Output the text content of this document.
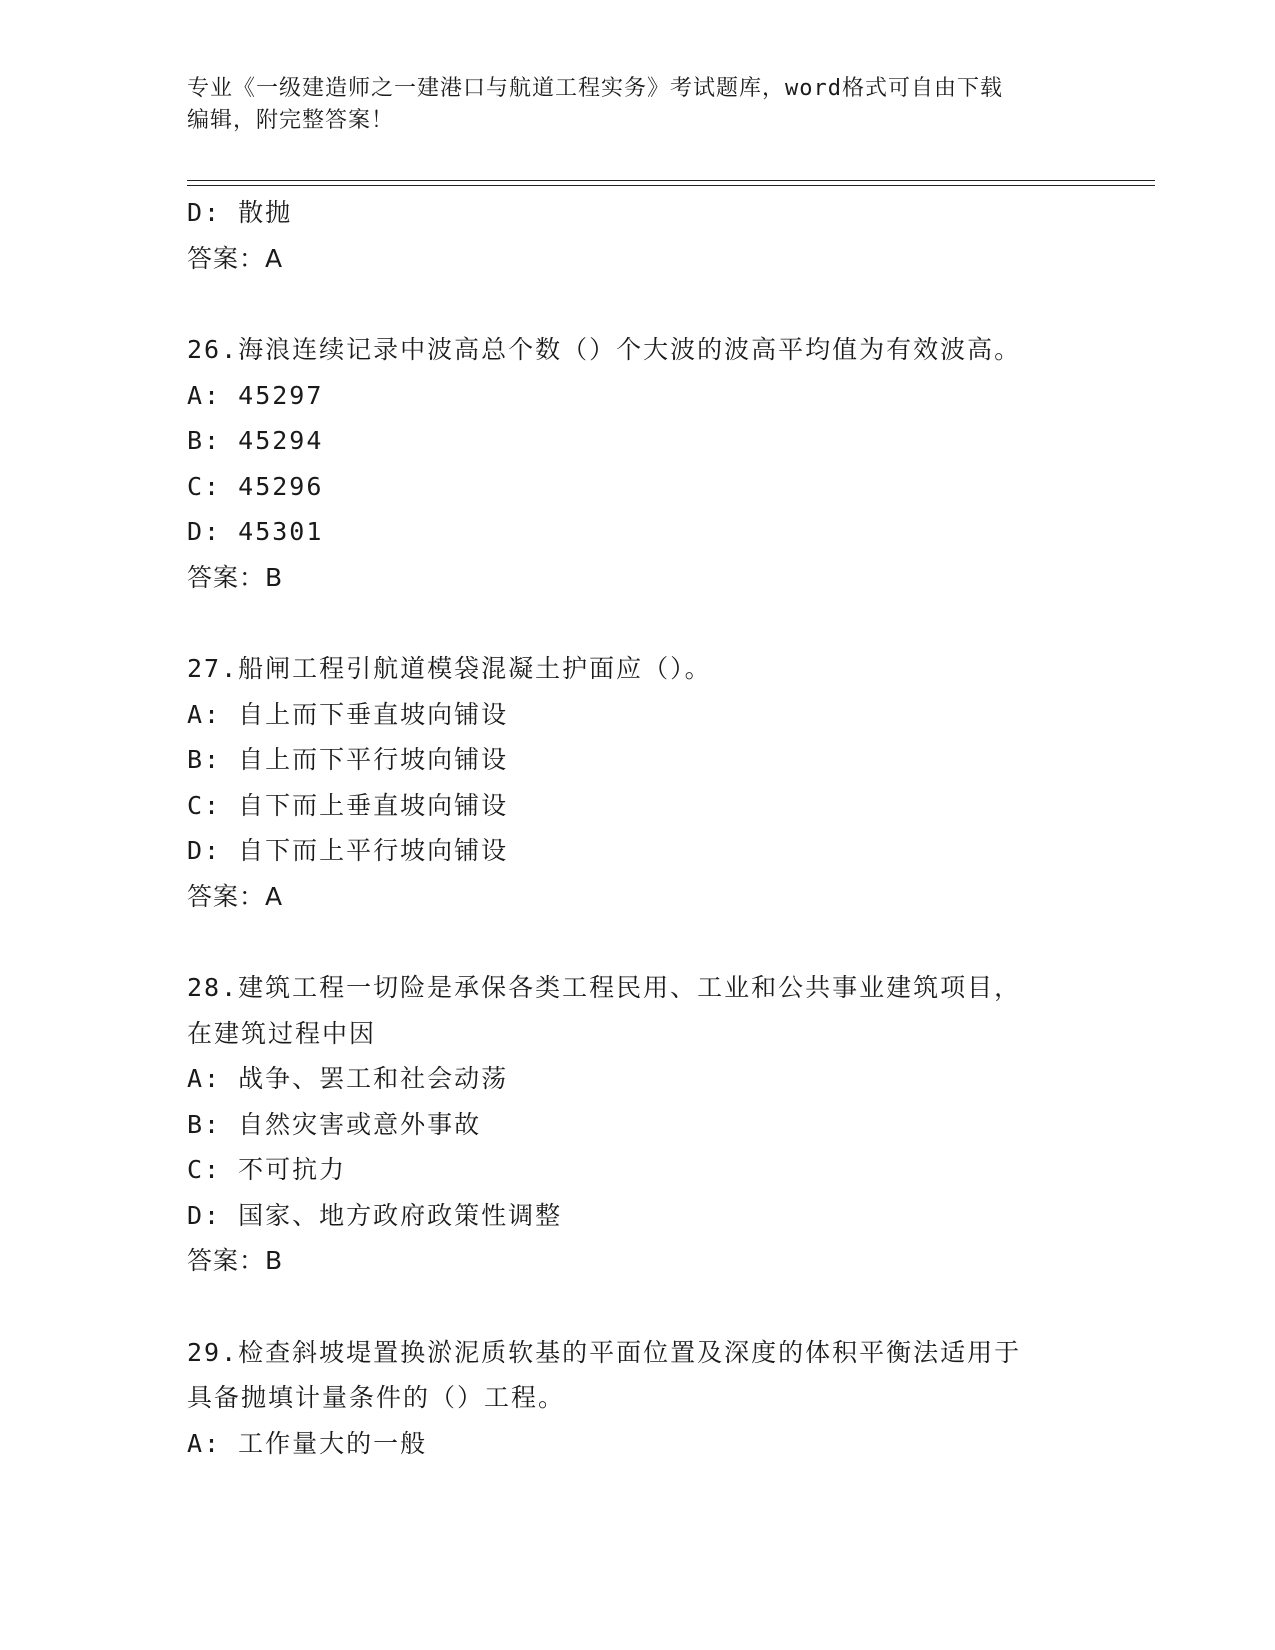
专业《一级建造师之一建港口与航道工程实务》考试题库，word格式可自由下载
编辑，附完整答案！
D: 散抛
答案：A
26.海浪连续记录中波高总个数（）个大波的波高平均值为有效波高。
A: 45297
B: 45294
C: 45296
D: 45301
答案：B
27.船闸工程引航道模袋混凝土护面应（）。
A: 自上而下垂直坡向铺设
B: 自上而下平行坡向铺设
C: 自下而上垂直坡向铺设
D: 自下而上平行坡向铺设
答案：A
28.建筑工程一切险是承保各类工程民用、工业和公共事业建筑项目，
在建筑过程中因
A: 战争、罢工和社会动荡
B: 自然灾害或意外事故
C: 不可抗力
D: 国家、地方政府政策性调整
答案：B
29.检查斜坡堤置换淤泥质软基的平面位置及深度的体积平衡法适用于
具备抛填计量条件的（）工程。
A: 工作量大的一般
